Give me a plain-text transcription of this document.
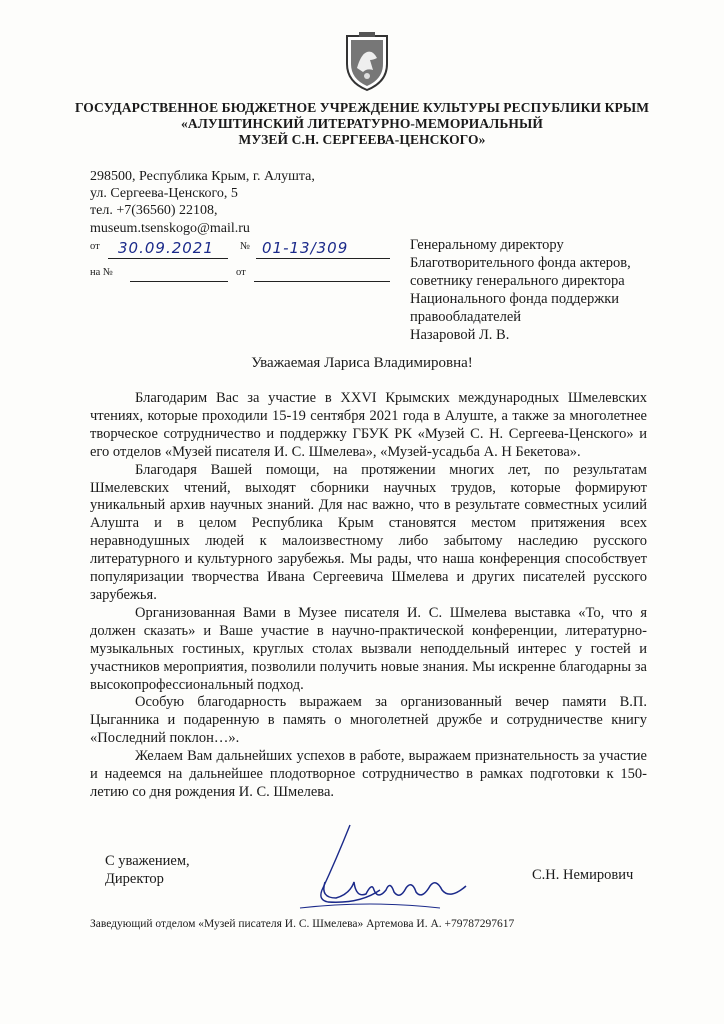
ГОСУДАРСТВЕННОЕ БЮДЖЕТНОЕ УЧРЕЖДЕНИЕ КУЛЬТУРЫ РЕСПУБЛИКИ КРЫМ
«АЛУШТИНСКИЙ ЛИТЕРАТУРНО-МЕМОРИАЛЬНЫЙ
МУЗЕЙ С.Н. СЕРГЕЕВА-ЦЕНСКОГО»
298500, Республика Крым, г. Алушта,
ул. Сергеева-Ценского, 5
тел. +7(36560) 22108,
museum.tsenskogo@mail.ru
от 30.09.2021 № 01-13/309
на №	от
Генеральному директору
Благотворительного фонда актеров,
советнику генерального директора
Национального фонда поддержки
правообладателей
Назаровой Л. В.
Уважаемая Лариса Владимировна!

Благодарим Вас за участие в XXVI Крымских международных Шмелевских чтениях, которые проходили 15-19 сентября 2021 года в Алуште, а также за многолетнее творческое сотрудничество и поддержку ГБУК РК «Музей С. Н. Сергеева-Ценского» и его отделов «Музей писателя И. С. Шмелева», «Музей-усадьба А. Н Бекетова».

Благодаря Вашей помощи, на протяжении многих лет, по результатам Шмелевских чтений, выходят сборники научных трудов, которые формируют уникальный архив научных знаний. Для нас важно, что в результате совместных усилий Алушта и в целом Республика Крым становятся местом притяжения всех неравнодушных людей к малоизвестному либо забытому наследию русского литературного и культурного зарубежья. Мы рады, что наша конференция способствует популяризации творчества Ивана Сергеевича Шмелева и других писателей русского зарубежья.

Организованная Вами в Музее писателя И. С. Шмелева выставка «То, что я должен сказать» и Ваше участие в научно-практической конференции, литературно-музыкальных гостиных, круглых столах вызвали неподдельный интерес у гостей и участников мероприятия, позволили получить новые знания. Мы искренне благодарны за высокопрофессиональный подход.

Особую благодарность выражаем за организованный вечер памяти В.П. Цыганника и подаренную в память о многолетней дружбе и сотрудничестве книгу «Последний поклон…».

Желаем Вам дальнейших успехов в работе, выражаем признательность за участие и надеемся на дальнейшее плодотворное сотрудничество в рамках подготовки к 150-летию со дня рождения И. С. Шмелева.

С уважением,
Директор	С.Н. Немирович
Заведующий отделом «Музей писателя И. С. Шмелева» Артемова И. А. +79787297617
